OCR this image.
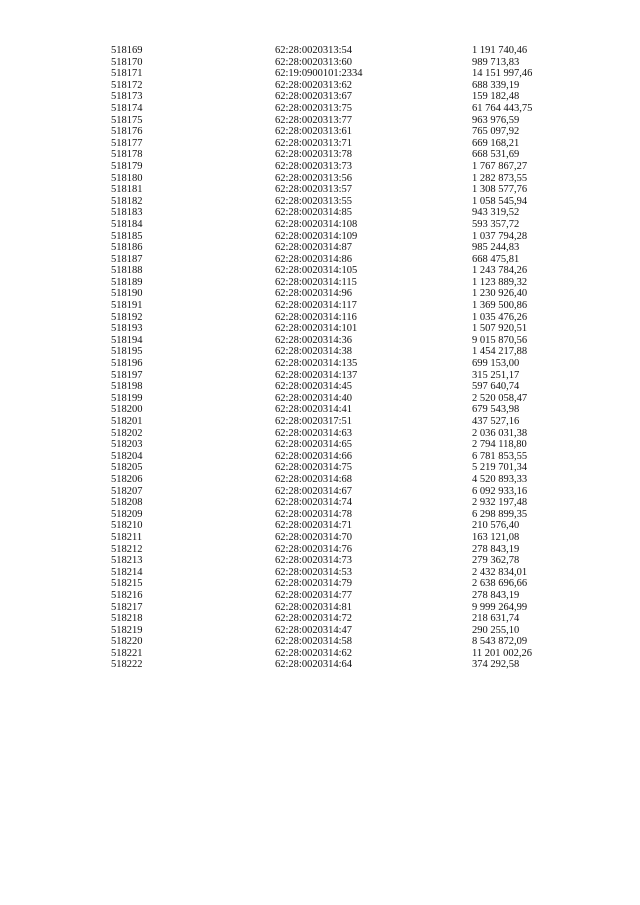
518169	62:28:0020313:54	1 191 740,46
518170	62:28:0020313:60	989 713,83
518171	62:19:0900101:2334	14 151 997,46
518172	62:28:0020313:62	688 339,19
518173	62:28:0020313:67	159 182,48
518174	62:28:0020313:75	61 764 443,75
518175	62:28:0020313:77	963 976,59
518176	62:28:0020313:61	765 097,92
518177	62:28:0020313:71	669 168,21
518178	62:28:0020313:78	668 531,69
518179	62:28:0020313:73	1 767 867,27
518180	62:28:0020313:56	1 282 873,55
518181	62:28:0020313:57	1 308 577,76
518182	62:28:0020313:55	1 058 545,94
518183	62:28:0020314:85	943 319,52
518184	62:28:0020314:108	593 357,72
518185	62:28:0020314:109	1 037 794,28
518186	62:28:0020314:87	985 244,83
518187	62:28:0020314:86	668 475,81
518188	62:28:0020314:105	1 243 784,26
518189	62:28:0020314:115	1 123 889,32
518190	62:28:0020314:96	1 230 926,40
518191	62:28:0020314:117	1 369 500,86
518192	62:28:0020314:116	1 035 476,26
518193	62:28:0020314:101	1 507 920,51
518194	62:28:0020314:36	9 015 870,56
518195	62:28:0020314:38	1 454 217,88
518196	62:28:0020314:135	699 153,00
518197	62:28:0020314:137	315 251,17
518198	62:28:0020314:45	597 640,74
518199	62:28:0020314:40	2 520 058,47
518200	62:28:0020314:41	679 543,98
518201	62:28:0020317:51	437 527,16
518202	62:28:0020314:63	2 036 031,38
518203	62:28:0020314:65	2 794 118,80
518204	62:28:0020314:66	6 781 853,55
518205	62:28:0020314:75	5 219 701,34
518206	62:28:0020314:68	4 520 893,33
518207	62:28:0020314:67	6 092 933,16
518208	62:28:0020314:74	2 932 197,48
518209	62:28:0020314:78	6 298 899,35
518210	62:28:0020314:71	210 576,40
518211	62:28:0020314:70	163 121,08
518212	62:28:0020314:76	278 843,19
518213	62:28:0020314:73	279 362,78
518214	62:28:0020314:53	2 432 834,01
518215	62:28:0020314:79	2 638 696,66
518216	62:28:0020314:77	278 843,19
518217	62:28:0020314:81	9 999 264,99
518218	62:28:0020314:72	218 631,74
518219	62:28:0020314:47	290 255,10
518220	62:28:0020314:58	8 543 872,09
518221	62:28:0020314:62	11 201 002,26
518222	62:28:0020314:64	374 292,58
